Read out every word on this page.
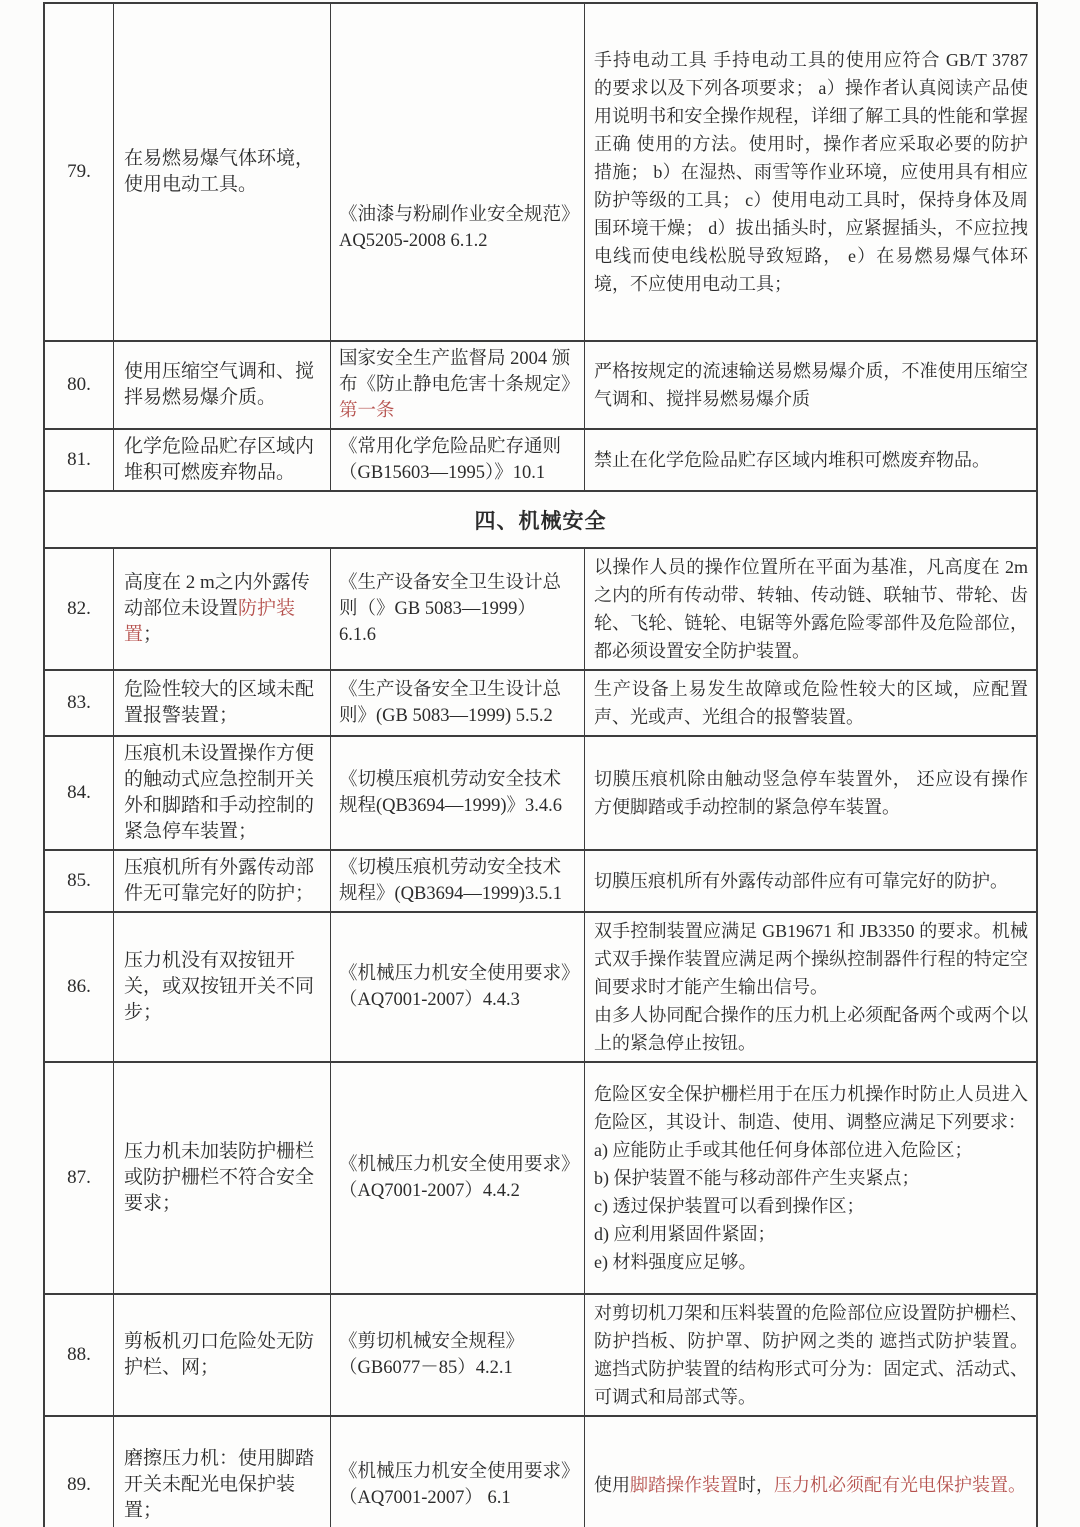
79.
在易燃易爆气体环境，使用电动工具。
《油漆与粉刷作业安全规范》AQ5205-2008 6.1.2
手持电动工具 手持电动工具的使用应符合 GB/T 3787 的要求以及下列各项要求； a）操作者认真阅读产品使用说明书和安全操作规程，详细了解工具的性能和掌握正确 使用的方法。使用时，操作者应采取必要的防护措施； b）在湿热、雨雪等作业环境，应使用具有相应防护等级的工具； c）使用电动工具时，保持身体及周围环境干燥； d）拔出插头时，应紧握插头，不应拉拽电线而使电线松脱导致短路， e）在易燃易爆气体环境，不应使用电动工具；
80.
使用压缩空气调和、搅拌易燃易爆介质。
国家安全生产监督局 2004 颁布《防止静电危害十条规定》第一条
严格按规定的流速输送易燃易爆介质，不准使用压缩空气调和、搅拌易燃易爆介质
81.
化学危险品贮存区域内堆积可燃废弃物品。
《常用化学危险品贮存通则（GB15603—1995）》10.1
禁止在化学危险品贮存区域内堆积可燃废弃物品。
四、机械安全
82.
高度在 2 m之内外露传动部位未设置防护装置；
《生产设备安全卫生设计总则（》GB 5083—1999） 6.1.6
以操作人员的操作位置所在平面为基准，凡高度在 2m 之内的所有传动带、转轴、传动链、联轴节、带轮、齿轮、飞轮、链轮、电锯等外露危险零部件及危险部位，都必须设置安全防护装置。
83.
危险性较大的区域未配置报警装置；
《生产设备安全卫生设计总则》(GB 5083—1999) 5.5.2
生产设备上易发生故障或危险性较大的区域，应配置声、光或声、光组合的报警装置。
84.
压痕机未设置操作方便的触动式应急控制开关外和脚踏和手动控制的紧急停车装置；
《切模压痕机劳动安全技术规程(QB3694—1999)》3.4.6
切膜压痕机除由触动竖急停车装置外， 还应设有操作方便脚踏或手动控制的紧急停车装置。
85.
压痕机所有外露传动部件无可靠完好的防护；
《切模压痕机劳动安全技术规程》(QB3694—1999)3.5.1
切膜压痕机所有外露传动部件应有可靠完好的防护。
86.
压力机没有双按钮开关，或双按钮开关不同步；
《机械压力机安全使用要求》（AQ7001-2007）4.4.3
双手控制装置应满足 GB19671 和 JB3350 的要求。机械式双手操作装置应满足两个操纵控制器件行程的特定空间要求时才能产生输出信号。
由多人协同配合操作的压力机上必须配备两个或两个以上的紧急停止按钮。
87.
压力机未加装防护栅栏或防护栅栏不符合安全要求；
《机械压力机安全使用要求》（AQ7001-2007）4.4.2
危险区安全保护栅栏用于在压力机操作时防止人员进入危险区，其设计、制造、使用、调整应满足下列要求：
a) 应能防止手或其他任何身体部位进入危险区；
b) 保护装置不能与移动部件产生夹紧点；
c) 透过保护装置可以看到操作区；
d) 应利用紧固件紧固；
e) 材料强度应足够。
88.
剪板机刃口危险处无防护栏、网；
《剪切机械安全规程》（GB6077－85）4.2.1
对剪切机刀架和压料装置的危险部位应设置防护栅栏、防护挡板、防护罩、防护网之类的 遮挡式防护装置。遮挡式防护装置的结构形式可分为：固定式、活动式、可调式和局部式等。
89.
磨擦压力机：使用脚踏开关未配光电保护装置；
《机械压力机安全使用要求》（AQ7001-2007） 6.1
使用脚踏操作装置时，压力机必须配有光电保护装置。
